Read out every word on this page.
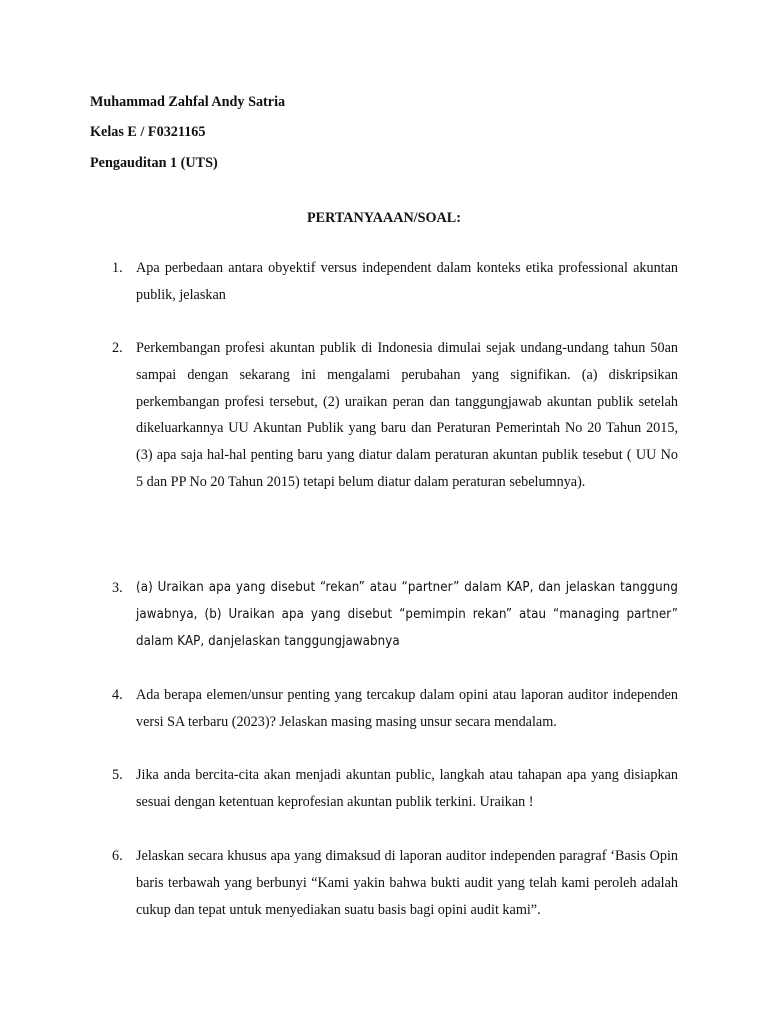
Muhammad Zahfal Andy Satria
Kelas E / F0321165
Pengauditan 1 (UTS)
PERTANYAAAN/SOAL:
1. Apa perbedaan antara obyektif versus independent dalam konteks etika professional akuntan publik, jelaskan
2. Perkembangan profesi akuntan publik di Indonesia dimulai sejak undang-undang tahun 50an sampai dengan sekarang ini mengalami perubahan yang signifikan. (a) diskripsikan perkembangan profesi tersebut, (2) uraikan peran dan tanggungjawab akuntan publik setelah dikeluarkannya UU Akuntan Publik yang baru dan Peraturan Pemerintah No 20 Tahun 2015, (3) apa saja hal-hal penting baru yang diatur dalam peraturan akuntan publik tesebut ( UU No 5 dan PP No 20 Tahun 2015) tetapi belum diatur dalam peraturan sebelumnya).
3.	(a) Uraikan apa yang disebut “rekan” atau “partner” dalam KAP, dan jelaskan tanggung jawabnya, (b) Uraikan apa yang disebut “pemimpin rekan” atau “managing partner” dalam KAP, danjelaskan tanggungjawabnya
4. Ada berapa elemen/unsur penting yang tercakup dalam opini atau laporan auditor independen versi SA terbaru (2023)? Jelaskan masing masing unsur secara mendalam.
5. Jika anda bercita-cita akan menjadi akuntan public, langkah atau tahapan apa yang disiapkan sesuai dengan ketentuan keprofesian akuntan publik terkini. Uraikan !
6. Jelaskan secara khusus apa yang dimaksud di laporan auditor independen paragraf ‘Basis Opin baris terbawah yang berbunyi “Kami yakin bahwa bukti audit yang telah kami peroleh adalah cukup dan tepat untuk menyediakan suatu basis bagi opini audit kami”.
